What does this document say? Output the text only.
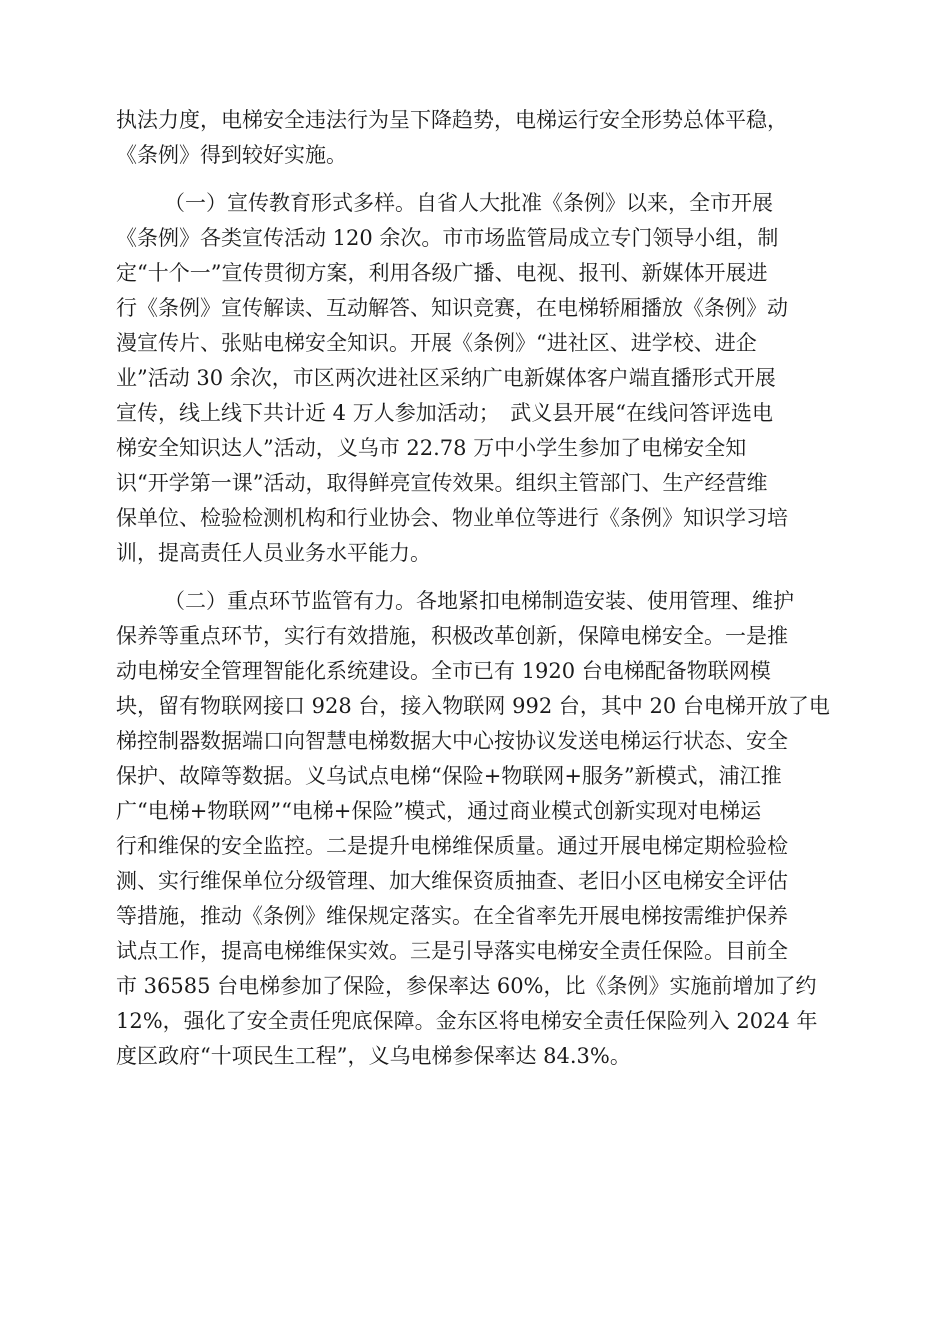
执法力度，电梯安全违法行为呈下降趋势，电梯运行安全形势总体平稳，
《条例》得到较好实施。
（一）宣传教育形式多样。自省人大批准《条例》以来，全市开展
《条例》各类宣传活动 120 余次。市市场监管局成立专门领导小组，制
定“十个一”宣传贯彻方案，利用各级广播、电视、报刊、新媒体开展进
行《条例》宣传解读、互动解答、知识竞赛，在电梯轿厢播放《条例》动
漫宣传片、张贴电梯安全知识。开展《条例》“进社区、进学校、进企
业”活动 30 余次，市区两次进社区采纳广电新媒体客户端直播形式开展
宣传，线上线下共计近 4 万人参加活动；　武义县开展“在线问答评选电
梯安全知识达人”活动，义乌市 22.78 万中小学生参加了电梯安全知
识“开学第一课”活动，取得鲜亮宣传效果。组织主管部门、生产经营维
保单位、检验检测机构和行业协会、物业单位等进行《条例》知识学习培
训，提高责任人员业务水平能力。
（二）重点环节监管有力。各地紧扣电梯制造安装、使用管理、维护
保养等重点环节，实行有效措施，积极改革创新，保障电梯安全。一是推
动电梯安全管理智能化系统建设。全市已有 1920 台电梯配备物联网模
块，留有物联网接口 928 台，接入物联网 992 台，其中 20 台电梯开放了电
梯控制器数据端口向智慧电梯数据大中心按协议发送电梯运行状态、安全
保护、故障等数据。义乌试点电梯“保险+物联网+服务”新模式，浦江推
广“电梯+物联网”“电梯+保险”模式，通过商业模式创新实现对电梯运
行和维保的安全监控。二是提升电梯维保质量。通过开展电梯定期检验检
测、实行维保单位分级管理、加大维保资质抽查、老旧小区电梯安全评估
等措施，推动《条例》维保规定落实。在全省率先开展电梯按需维护保养
试点工作，提高电梯维保实效。三是引导落实电梯安全责任保险。目前全
市 36585 台电梯参加了保险，参保率达 60%，比《条例》实施前增加了约
12%，强化了安全责任兜底保障。金东区将电梯安全责任保险列入 2024 年
度区政府“十项民生工程”，义乌电梯参保率达 84.3%。
